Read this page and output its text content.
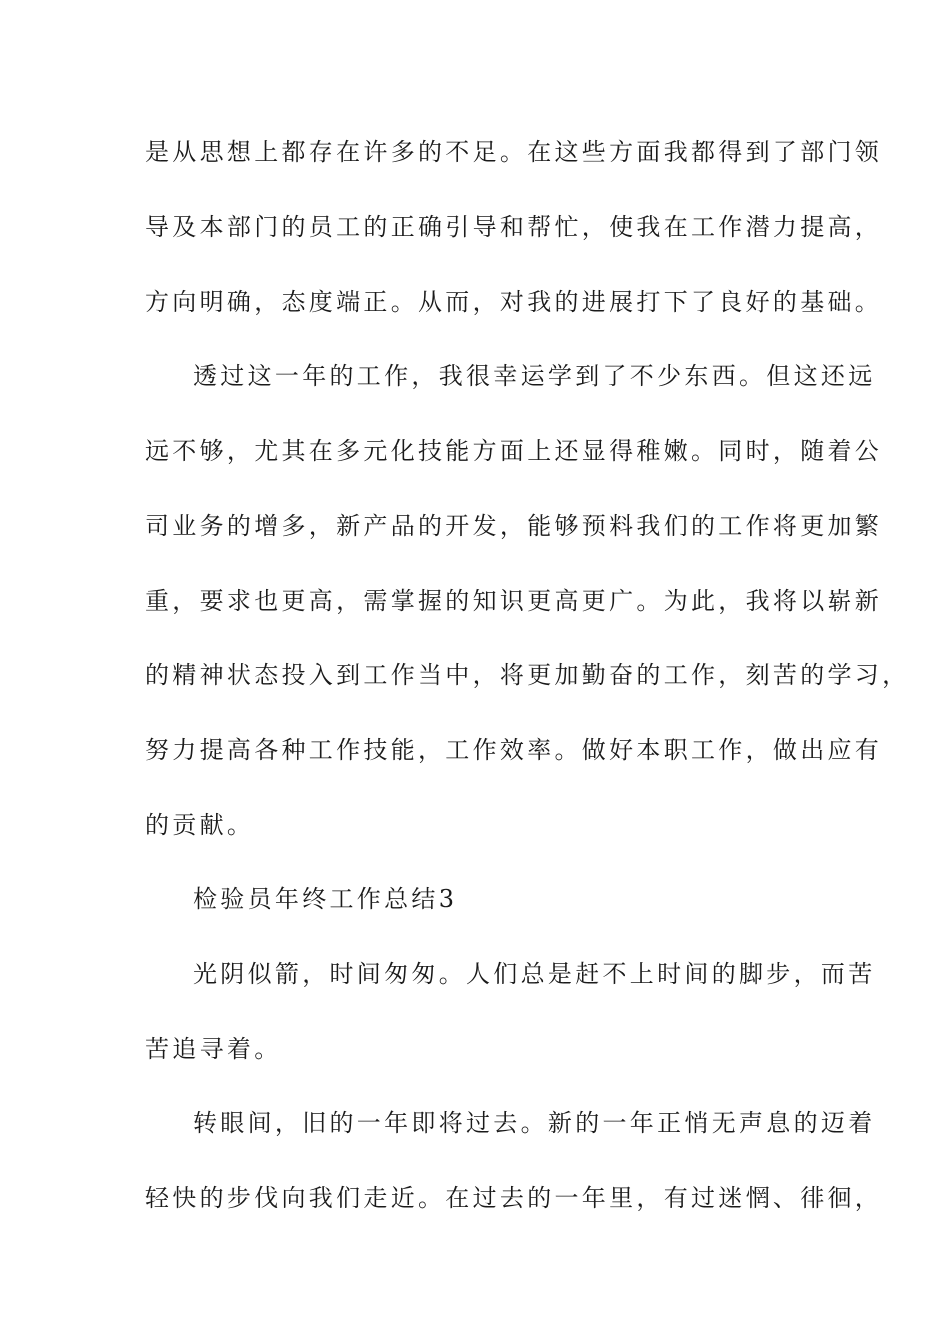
是从思想上都存在许多的不足。在这些方面我都得到了部门领
导及本部门的员工的正确引导和帮忙，使我在工作潜力提高，
方向明确，态度端正。从而，对我的进展打下了良好的基础。
透过这一年的工作，我很幸运学到了不少东西。但这还远
远不够，尤其在多元化技能方面上还显得稚嫩。同时，随着公
司业务的增多，新产品的开发，能够预料我们的工作将更加繁
重，要求也更高，需掌握的知识更高更广。为此，我将以崭新
的精神状态投入到工作当中，将更加勤奋的工作，刻苦的学习，
努力提高各种工作技能，工作效率。做好本职工作，做出应有
的贡献。
检验员年终工作总结3
光阴似箭，时间匆匆。人们总是赶不上时间的脚步，而苦
苦追寻着。
转眼间，旧的一年即将过去。新的一年正悄无声息的迈着
轻快的步伐向我们走近。在过去的一年里，有过迷惘、徘徊，
